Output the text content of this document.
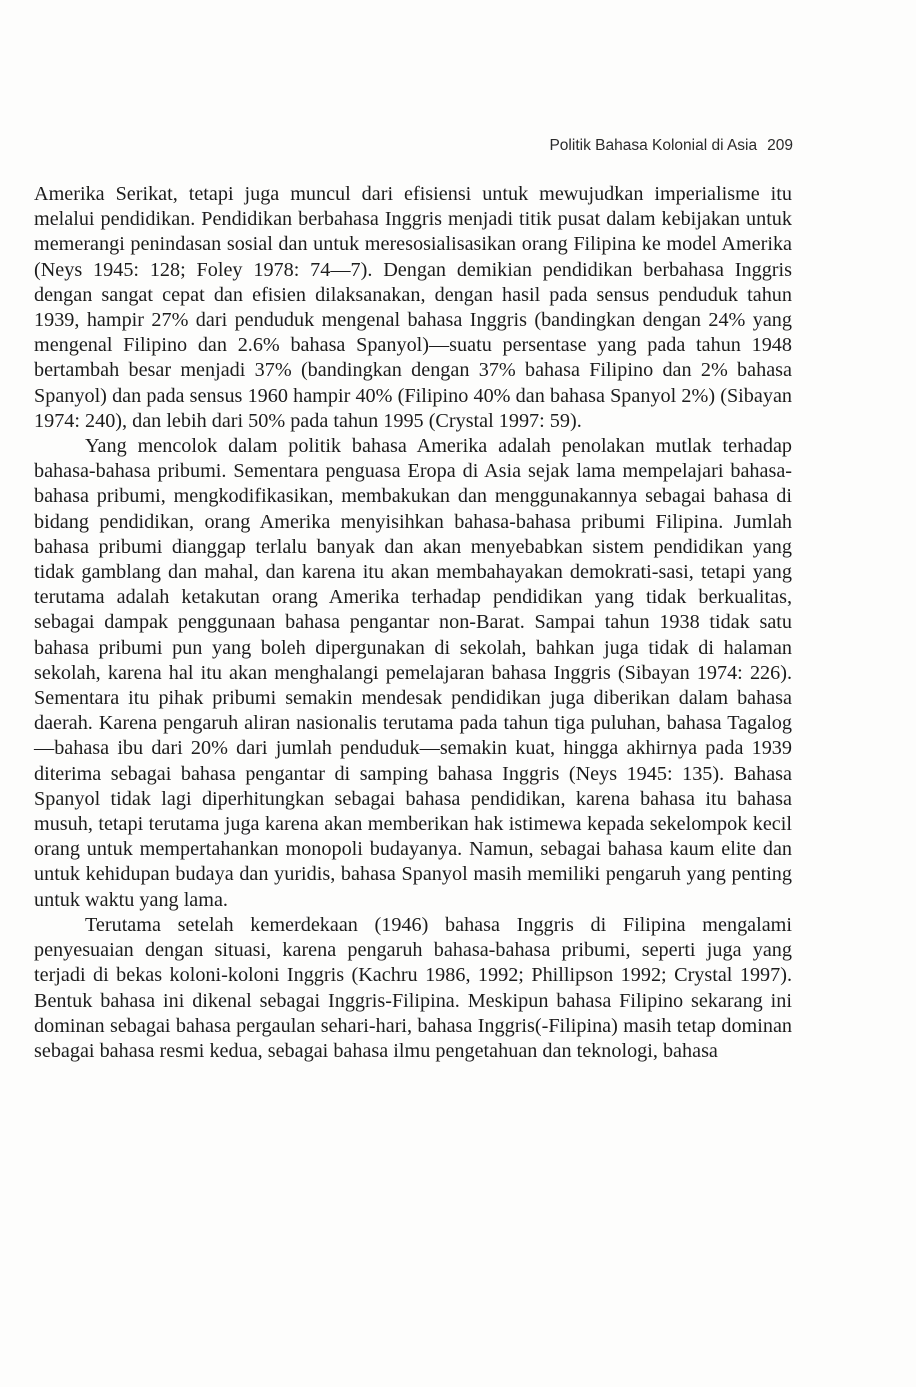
Politik Bahasa Kolonial di Asia 209

Amerika Serikat, tetapi juga muncul dari efisiensi untuk mewujudkan imperialisme itu melalui pendidikan. Pendidikan berbahasa Inggris menjadi titik pusat dalam kebijakan untuk memerangi penindasan sosial dan untuk meresosialisasikan orang Filipina ke model Amerika (Neys 1945: 128; Foley 1978: 74—7). Dengan demikian pendidikan berbahasa Inggris dengan sangat cepat dan efisien dilaksanakan, dengan hasil pada sensus penduduk tahun 1939, hampir 27% dari penduduk mengenal bahasa Inggris (bandingkan dengan 24% yang mengenal Filipino dan 2.6% bahasa Spanyol)—suatu persentase yang pada tahun 1948 bertambah besar menjadi 37% (bandingkan dengan 37% bahasa Filipino dan 2% bahasa Spanyol) dan pada sensus 1960 hampir 40% (Filipino 40% dan bahasa Spanyol 2%) (Sibayan 1974: 240), dan lebih dari 50% pada tahun 1995 (Crystal 1997: 59).

Yang mencolok dalam politik bahasa Amerika adalah penolakan mutlak terhadap bahasa-bahasa pribumi. Sementara penguasa Eropa di Asia sejak lama mempelajari bahasa-bahasa pribumi, mengkodifikasikan, membakukan dan menggunakannya sebagai bahasa di bidang pendidikan, orang Amerika menyisihkan bahasa-bahasa pribumi Filipina. Jumlah bahasa pribumi dianggap terlalu banyak dan akan menyebabkan sistem pendidikan yang tidak gamblang dan mahal, dan karena itu akan membahayakan demokrati-sasi, tetapi yang terutama adalah ketakutan orang Amerika terhadap pendidikan yang tidak berkualitas, sebagai dampak penggunaan bahasa pengantar non-Barat. Sampai tahun 1938 tidak satu bahasa pribumi pun yang boleh dipergunakan di sekolah, bahkan juga tidak di halaman sekolah, karena hal itu akan menghalangi pemelajaran bahasa Inggris (Sibayan 1974: 226). Sementara itu pihak pribumi semakin mendesak pendidikan juga diberikan dalam bahasa daerah. Karena pengaruh aliran nasionalis terutama pada tahun tiga puluhan, bahasa Tagalog—bahasa ibu dari 20% dari jumlah penduduk—semakin kuat, hingga akhirnya pada 1939 diterima sebagai bahasa pengantar di samping bahasa Inggris (Neys 1945: 135). Bahasa Spanyol tidak lagi diperhitungkan sebagai bahasa pendidikan, karena bahasa itu bahasa musuh, tetapi terutama juga karena akan memberikan hak istimewa kepada sekelompok kecil orang untuk mempertahankan monopoli budayanya. Namun, sebagai bahasa kaum elite dan untuk kehidupan budaya dan yuridis, bahasa Spanyol masih memiliki pengaruh yang penting untuk waktu yang lama.

Terutama setelah kemerdekaan (1946) bahasa Inggris di Filipina mengalami penyesuaian dengan situasi, karena pengaruh bahasa-bahasa pribumi, seperti juga yang terjadi di bekas koloni-koloni Inggris (Kachru 1986, 1992; Phillipson 1992; Crystal 1997). Bentuk bahasa ini dikenal sebagai Inggris-Filipina. Meskipun bahasa Filipino sekarang ini dominan sebagai bahasa pergaulan sehari-hari, bahasa Inggris(-Filipina) masih tetap dominan sebagai bahasa resmi kedua, sebagai bahasa ilmu pengetahuan dan teknologi, bahasa
